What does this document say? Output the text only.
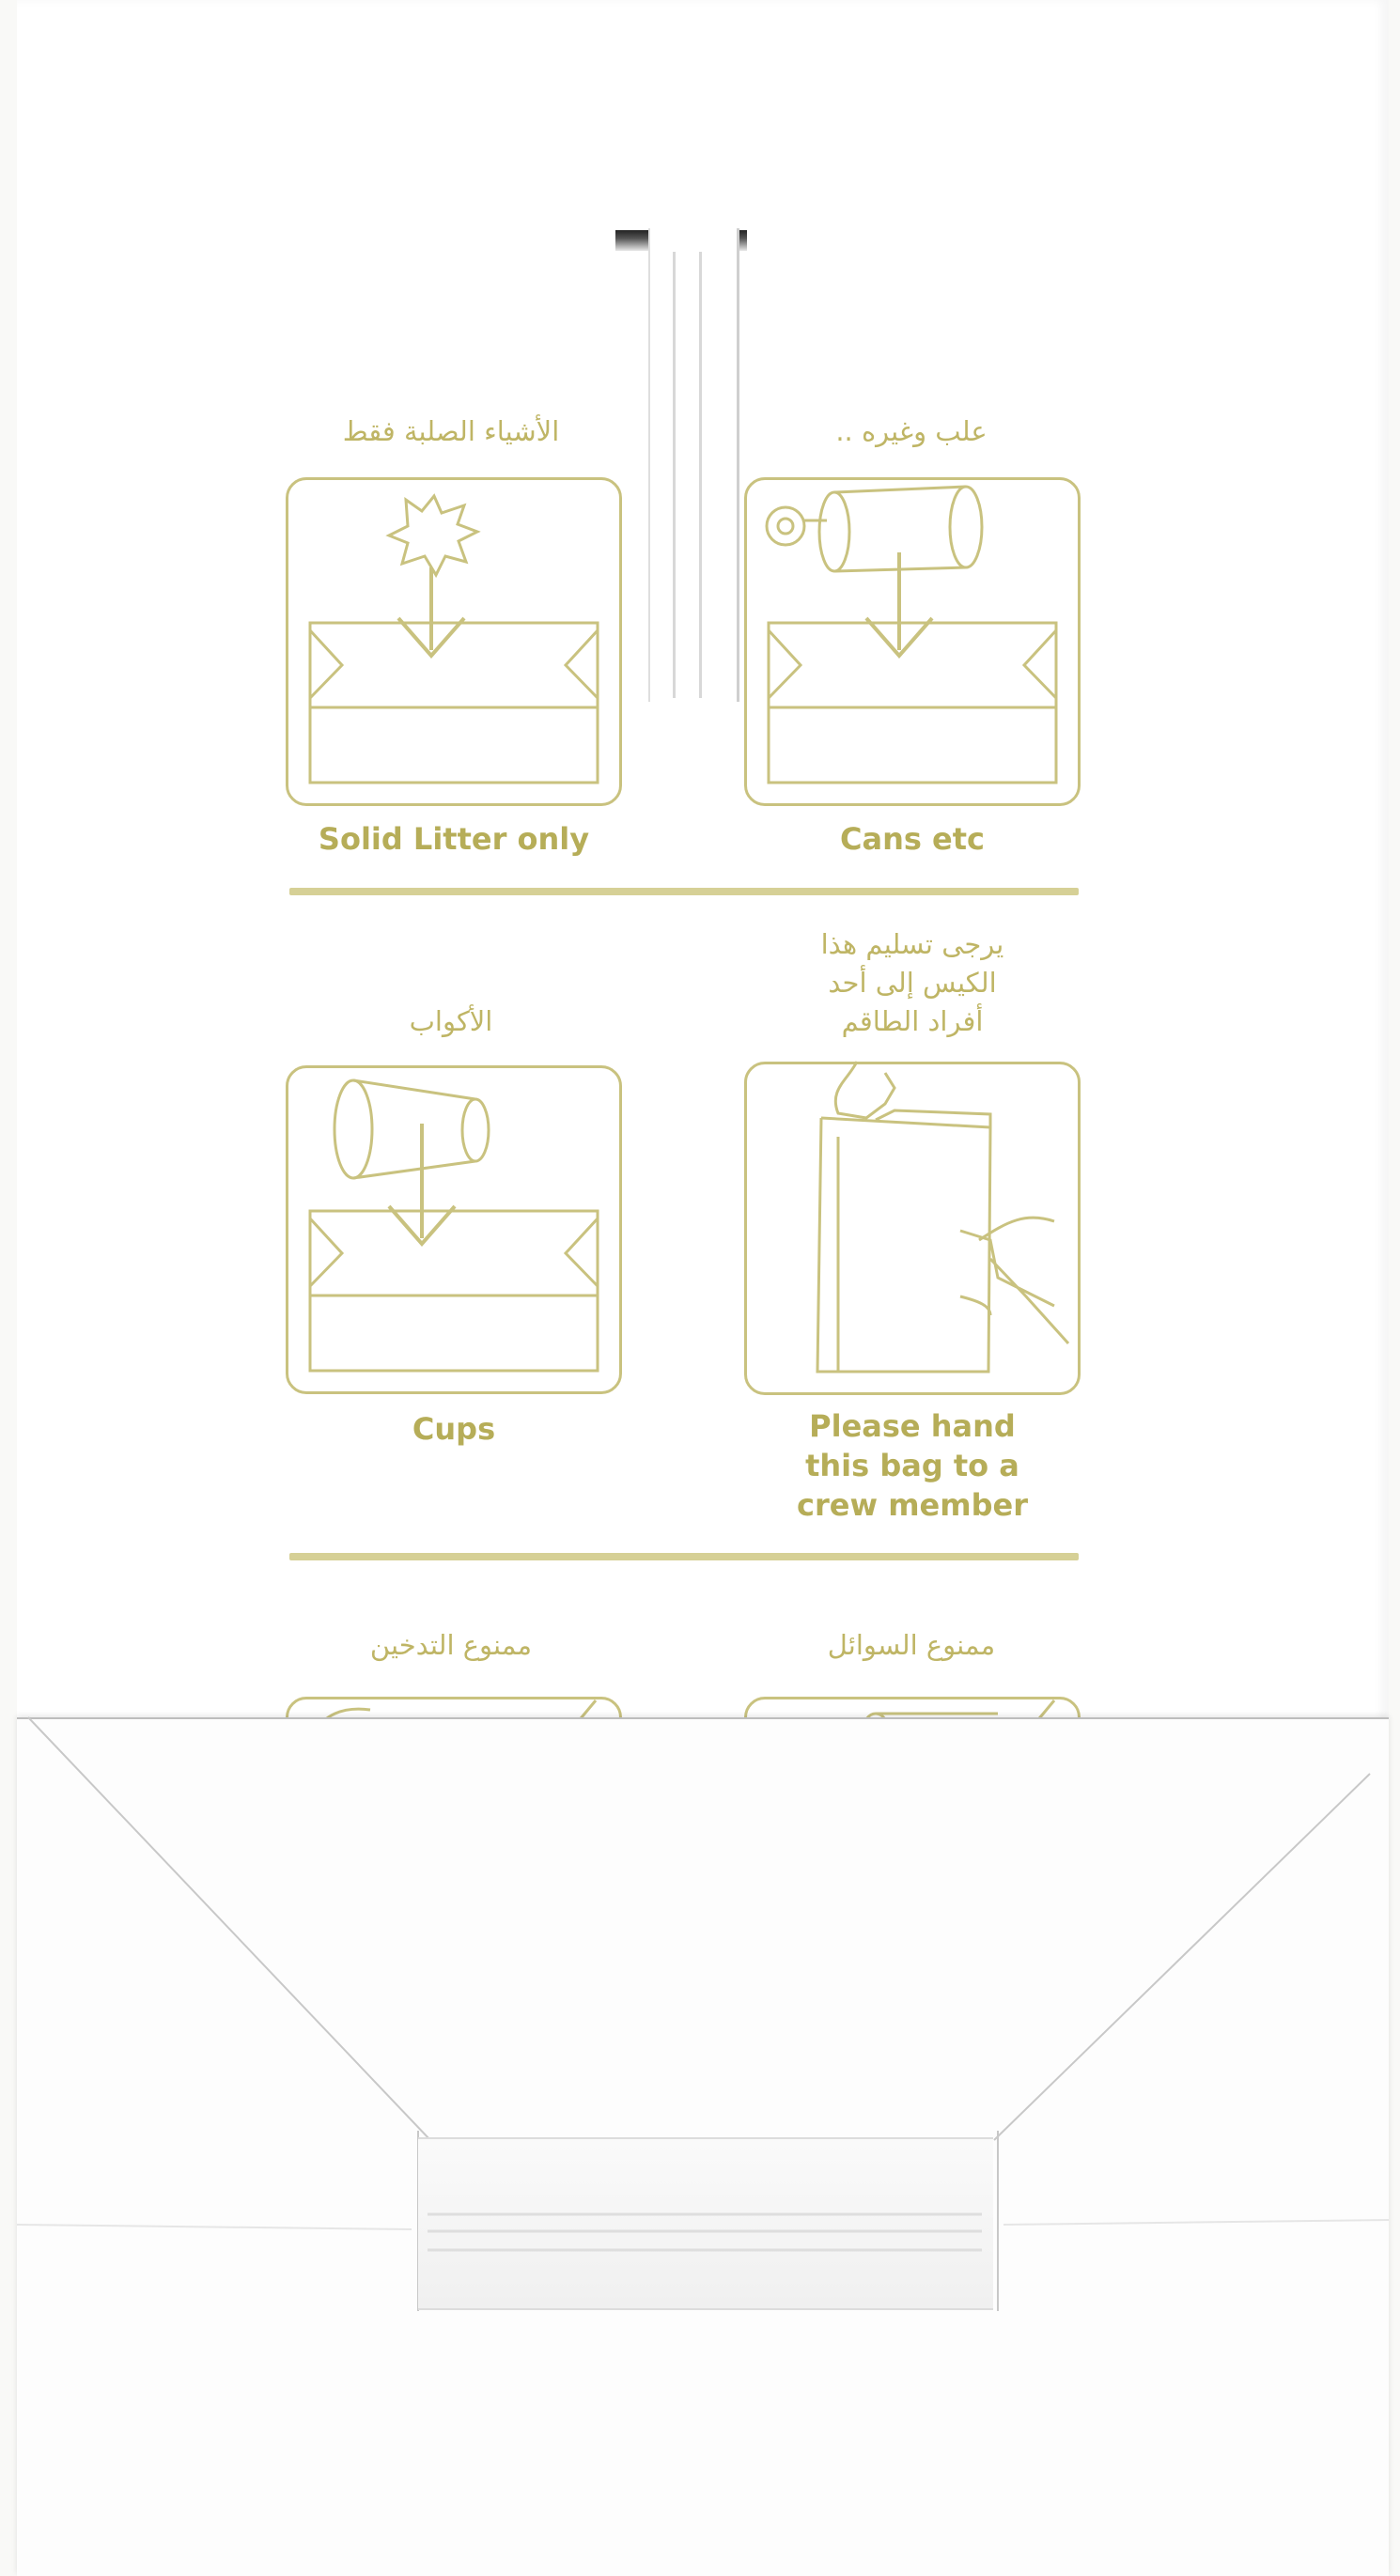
الأشياء الصلبة فقط
Solid Litter only
علب وغيره ..
Cans etc
الأكواب
Cups
يرجى تسليم هذا
الكيس إلى أحد
أفراد الطاقم
Please hand
this bag to a
crew member
ممنوع التدخين	ممنوع السوائل
